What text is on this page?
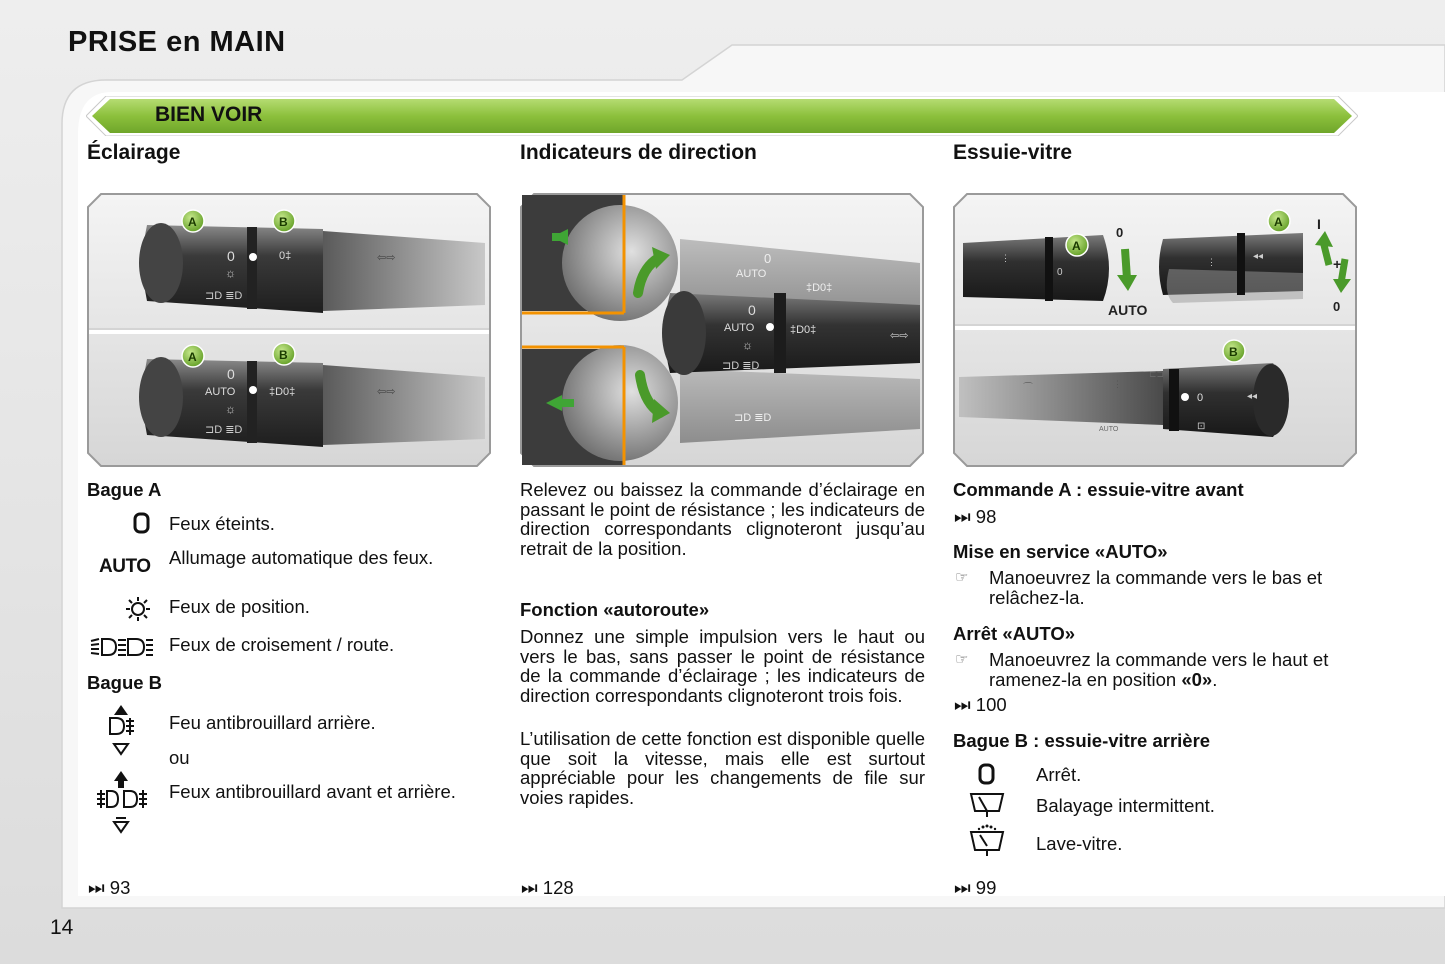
PRISE en MAIN
BIEN VOIR
Éclairage	Indicateurs de direction	Essuie-vitre
0
☼
⊐D ≣D
0‡	⇦⇨
A	B
0
AUTO
☼
⊐D ≣D
‡D0‡	⇦⇨
A	B
0
AUTO
‡D0‡
⊐D ≣D
0
AUTO
☼
⊐D ≣D
‡D0‡	⇦⇨
⋮
0
A
0
AUTO
⋮	◂◂
A I
+
0
⋮
AUTO
⌒
⊏⊐
0
⊡
◂◂
B
Bague A
Feux éteints.
AUTO Allumage automatique des feux.
Feux de position.
Feux de croisement / route.
Bague B
Feu antibrouillard arrière.
ou
Feux antibrouillard avant et arrière.
⏭ 93
Relevez ou baissez la commande d’éclairage en passant le point de résistance ; les indicateurs de direction correspondants clignoteront jusqu’au retrait de la position.
Fonction «autoroute»
Donnez une simple impulsion vers le haut ou vers le bas, sans passer le point de résistance de la commande d’éclairage ; les indicateurs de direction correspondants clignoteront trois fois.
L’utilisation de cette fonction est disponible quelle que soit la vitesse, mais elle est surtout appréciable pour les changements de file sur voies rapides.
⏭ 128
Commande A : essuie-vitre avant
⏭ 98
Mise en service «AUTO»
☞ Manoeuvrez la commande vers le bas et relâchez-la.
Arrêt «AUTO»
☞ Manoeuvrez la commande vers le haut et ramenez-la en position «0».
⏭ 100
Bague B : essuie-vitre arrière
Arrêt.
Balayage intermittent.
Lave-vitre.
⏭ 99
14
